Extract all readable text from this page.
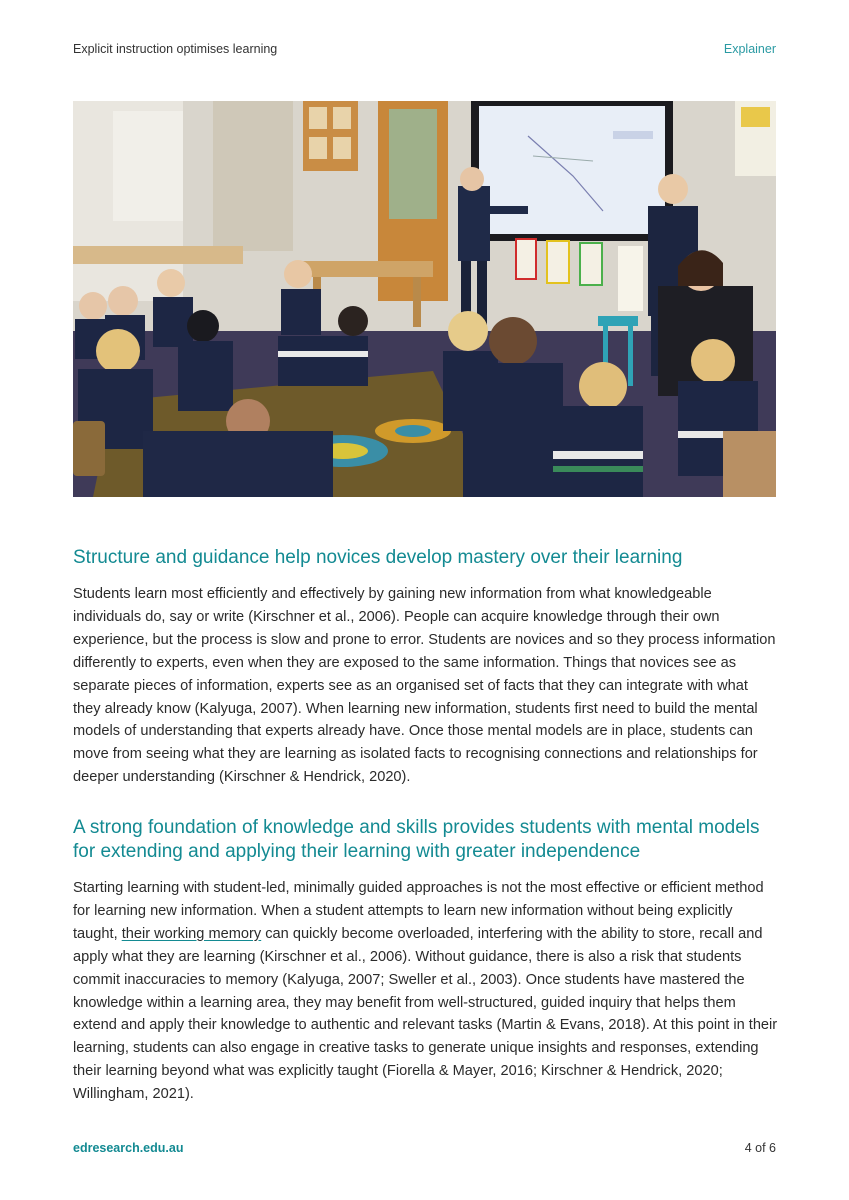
Explicit instruction optimises learning	Explainer
Structure and guidance help novices develop mastery over their learning

Students learn most efficiently and effectively by gaining new information from what knowledgeable individuals do, say or write (Kirschner et al., 2006). People can acquire knowledge through their own experience, but the process is slow and prone to error. Students are novices and so they process information differently to experts, even when they are exposed to the same information. Things that novices see as separate pieces of information, experts see as an organised set of facts that they can integrate with what they already know (Kalyuga, 2007). When learning new information, students first need to build the mental models of understanding that experts already have. Once those mental models are in place, students can move from seeing what they are learning as isolated facts to recognising connections and relationships for deeper understanding (Kirschner & Hendrick, 2020).

A strong foundation of knowledge and skills provides students with mental models for extending and applying their learning with greater independence

Starting learning with student-led, minimally guided approaches is not the most effective or efficient method for learning new information. When a student attempts to learn new information without being explicitly taught, their working memory can quickly become overloaded, interfering with the ability to store, recall and apply what they are learning (Kirschner et al., 2006). Without guidance, there is also a risk that students commit inaccuracies to memory (Kalyuga, 2007; Sweller et al., 2003). Once students have mastered the knowledge within a learning area, they may benefit from well-structured, guided inquiry that helps them extend and apply their knowledge to authentic and relevant tasks (Martin & Evans, 2018). At this point in their learning, students can also engage in creative tasks to generate unique insights and responses, extending their learning beyond what was explicitly taught (Fiorella & Mayer, 2016; Kirschner & Hendrick, 2020; Willingham, 2021).

edresearch.edu.au	4 of 6
